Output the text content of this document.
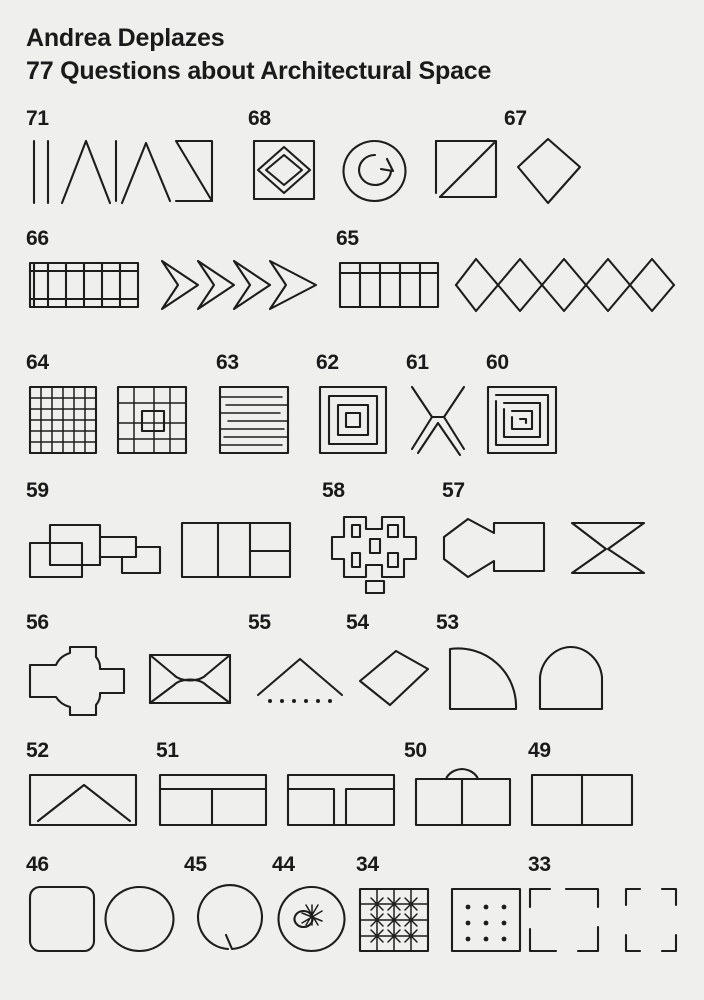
Andrea Deplazes
77 Questions about Architectural Space
71	68	67
66	65
64	63	62	61	60
59	58	57
56	55	54	53
52	51	50	49
46	45	44	34	33
